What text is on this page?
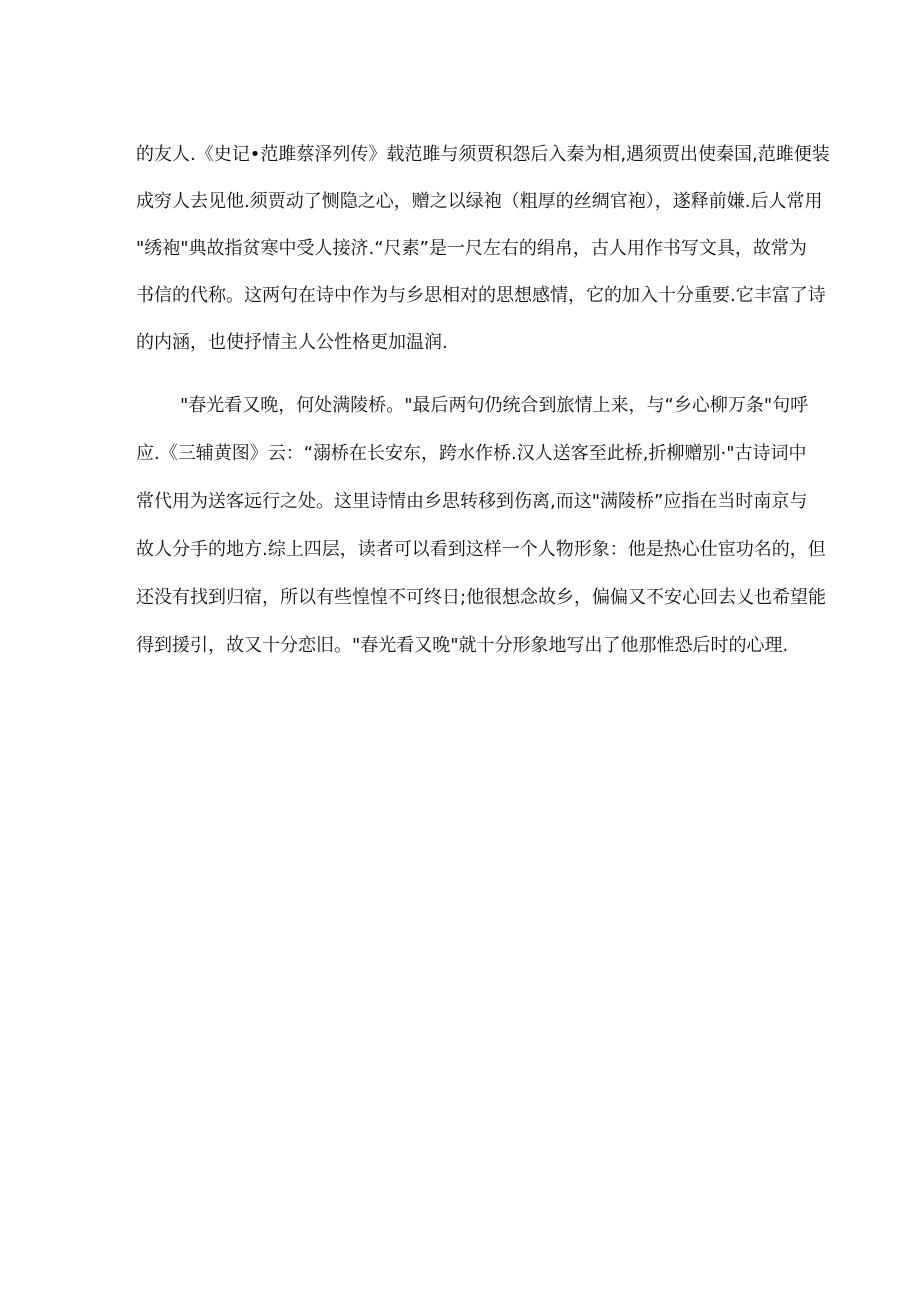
的友人.《史记•范雎蔡泽列传》载范雎与须贾积怨后入秦为相,遇须贾出使秦国,范雎便装
成穷人去见他.须贾动了恻隐之心，赠之以绿袍（粗厚的丝绸官袍），遂释前嫌.后人常用
"绣袍"典故指贫寒中受人接济.“尺素”是一尺左右的绢帛，古人用作书写文具，故常为
书信的代称。这两句在诗中作为与乡思相对的思想感情，它的加入十分重要.它丰富了诗
的内涵，也使抒情主人公性格更加温润.
"春光看又晚，何处满陵桥。"最后两句仍统合到旅情上来，与“乡心柳万条"句呼
应.《三辅黄图》云：“溺桥在长安东，跨水作桥.汉人送客至此桥,折柳赠别·"古诗词中
常代用为送客远行之处。这里诗情由乡思转移到伤离,而这"满陵桥”应指在当时南京与
故人分手的地方.综上四层，读者可以看到这样一个人物形象：他是热心仕宦功名的，但
还没有找到归宿，所以有些惶惶不可终日;他很想念故乡，偏偏又不安心回去乂也希望能
得到援引，故又十分恋旧。"春光看又晚"就十分形象地写出了他那惟恐后时的心理.
